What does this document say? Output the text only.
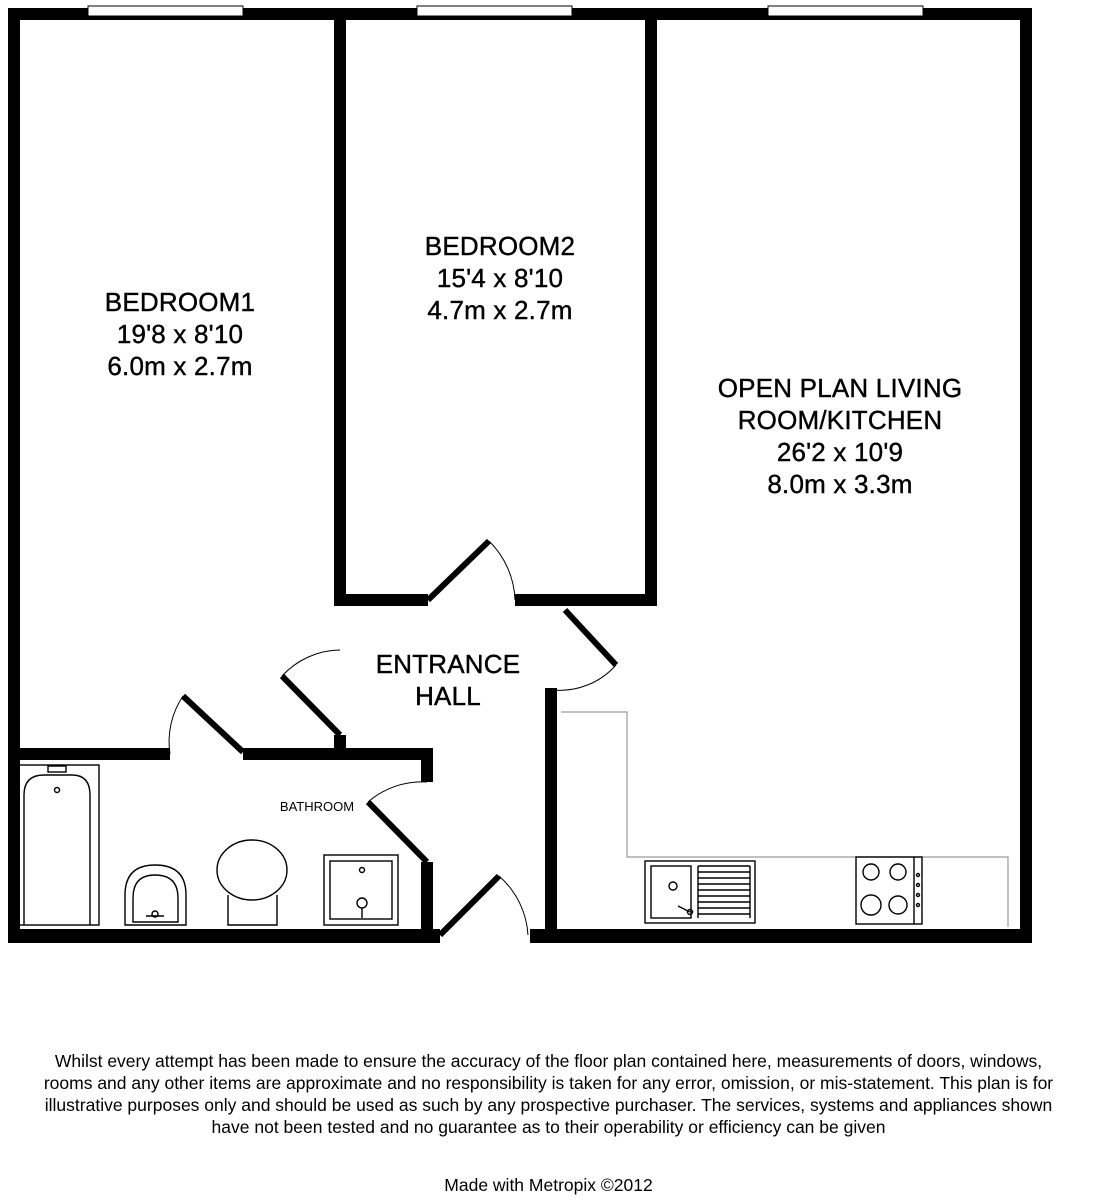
BEDROOM1
19'8 x 8'10
6.0m x 2.7m
BEDROOM2
15'4 x 8'10
4.7m x 2.7m
OPEN PLAN LIVING
ROOM/KITCHEN
26'2 x 10'9
8.0m x 3.3m
ENTRANCE
HALL
BATHROOM
Whilst every attempt has been made to ensure the accuracy of the floor plan contained here, measurements of doors, windows, rooms and any other items are approximate and no responsibility is taken for any error, omission, or mis-statement. This plan is for illustrative purposes only and should be used as such by any prospective purchaser. The services, systems and appliances shown have not been tested and no guarantee as to their operability or efficiency can be given
Made with Metropix ©2012
